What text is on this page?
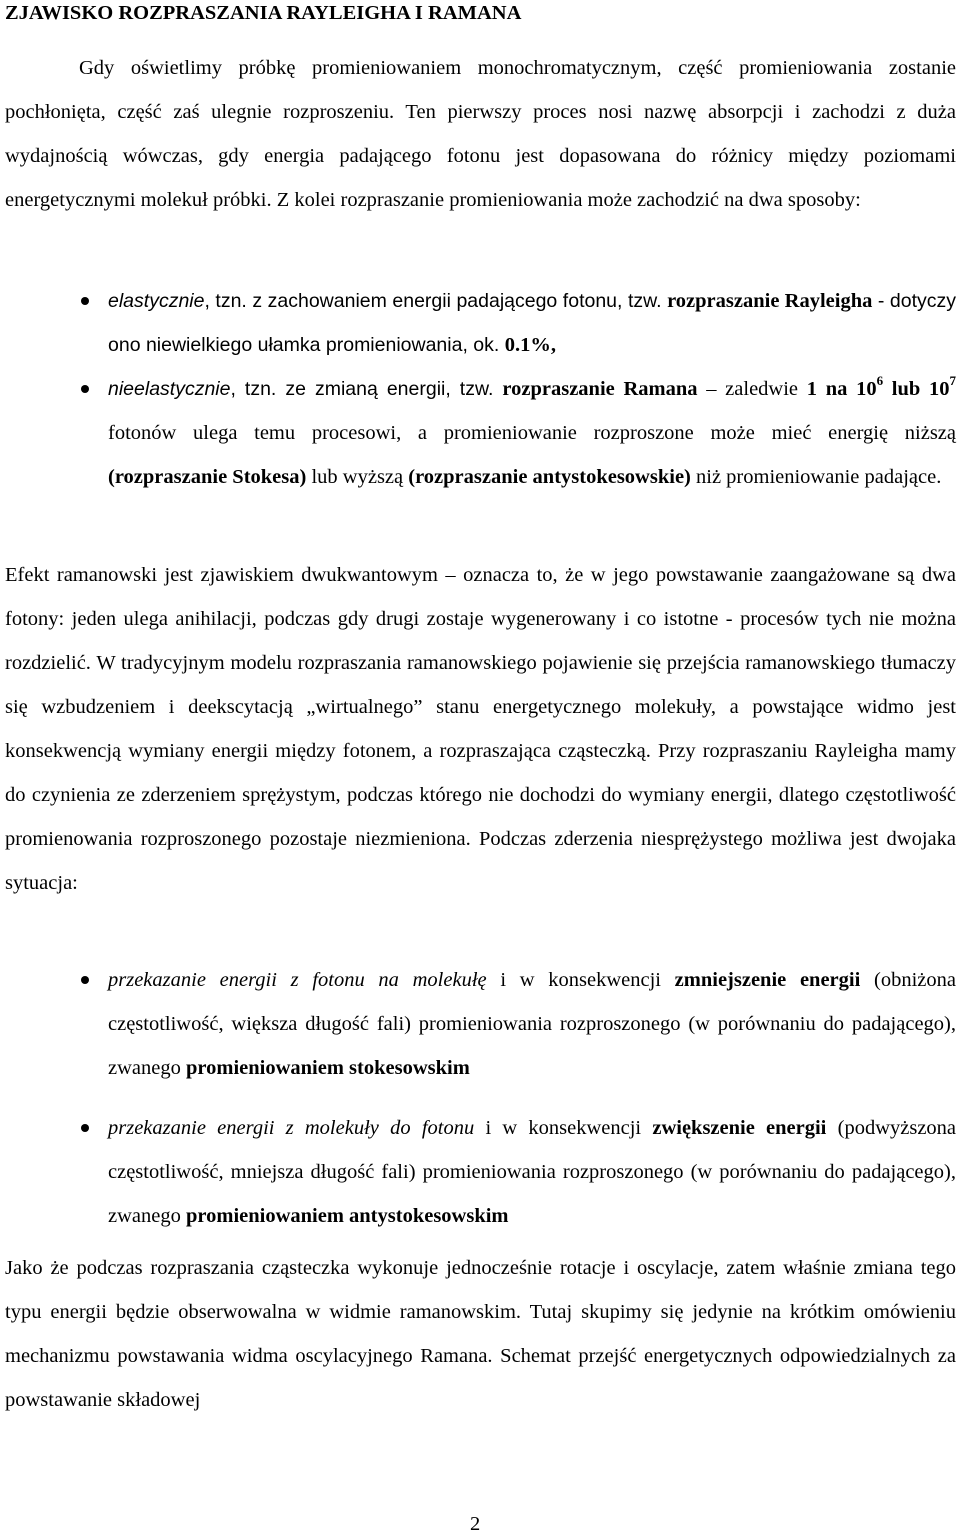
ZJAWISKO ROZPRASZANIA RAYLEIGHA I RAMANA

Gdy oświetlimy próbkę promieniowaniem monochromatycznym, część promieniowania zostanie pochłonięta, część zaś ulegnie rozproszeniu. Ten pierwszy proces nosi nazwę absorpcji i zachodzi z duża wydajnością wówczas, gdy energia padającego fotonu jest dopasowana do różnicy między poziomami energetycznymi molekuł próbki. Z kolei rozpraszanie promieniowania może zachodzić na dwa sposoby:

elastycznie, tzn. z zachowaniem energii padającego fotonu, tzw. rozpraszanie Rayleigha - dotyczy ono niewielkiego ułamka promieniowania, ok. 0.1%,
nieelastycznie, tzn. ze zmianą energii, tzw. rozpraszanie Ramana – zaledwie 1 na $10^6$ lub $10^7$ fotonów ulega temu procesowi, a promieniowanie rozproszone może mieć energię niższą (rozpraszanie Stokesa) lub wyższą (rozpraszanie antystokesowskie) niż promieniowanie padające.

Efekt ramanowski jest zjawiskiem dwukwantowym – oznacza to, że w jego powstawanie zaangażowane są dwa fotony: jeden ulega anihilacji, podczas gdy drugi zostaje wygenerowany i co istotne - procesów tych nie można rozdzielić. W tradycyjnym modelu rozpraszania ramanowskiego pojawienie się przejścia ramanowskiego tłumaczy się wzbudzeniem i deekscytacją „wirtualnego” stanu energetycznego molekuły, a powstające widmo jest konsekwencją wymiany energii między fotonem, a rozpraszająca cząsteczką. Przy rozpraszaniu Rayleigha mamy do czynienia ze zderzeniem sprężystym, podczas którego nie dochodzi do wymiany energii, dlatego częstotliwość promienowania rozproszonego pozostaje niezmieniona. Podczas zderzenia niesprężystego możliwa jest dwojaka sytuacja:

przekazanie energii z fotonu na molekułę i w konsekwencji zmniejszenie energii (obniżona częstotliwość, większa długość fali) promieniowania rozproszonego (w porównaniu do padającego), zwanego promieniowaniem stokesowskim
przekazanie energii z molekuły do fotonu i w konsekwencji zwiększenie energii (podwyższona częstotliwość, mniejsza długość fali) promieniowania rozproszonego (w porównaniu do padającego), zwanego promieniowaniem antystokesowskim

Jako że podczas rozpraszania cząsteczka wykonuje jednocześnie rotacje i oscylacje, zatem właśnie zmiana tego typu energii będzie obserwowalna w widmie ramanowskim. Tutaj skupimy się jedynie na krótkim omówieniu mechanizmu powstawania widma oscylacyjnego Ramana. Schemat przejść energetycznych odpowiedzialnych za powstawanie składowej

2
